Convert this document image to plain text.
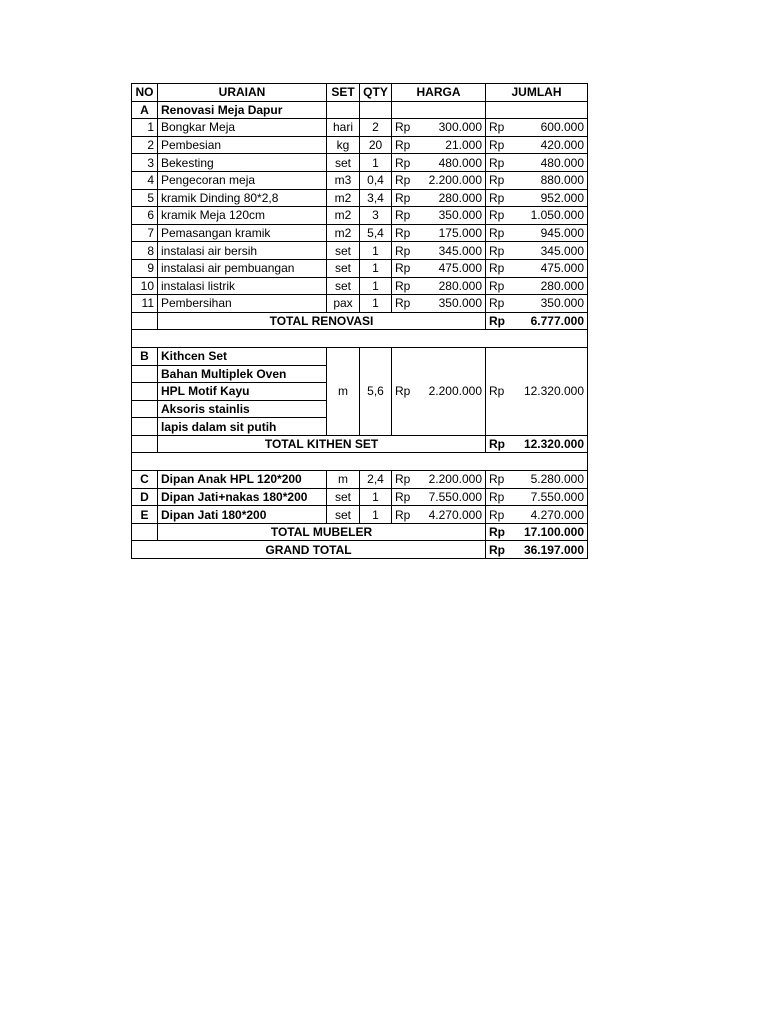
NO	URAIAN	SET	QTY	HARGA	JUMLAH
A	Renovasi Meja Dapur				
1	Bongkar Meja	hari	2	Rp 300.000	Rp 600.000

2	Pembesian	kg	20	Rp 21.000	Rp 420.000

3	Bekesting	set	1	Rp 480.000	Rp 480.000

4	Pengecoran meja	m3	0,4	Rp 2.200.000	Rp 880.000

5	kramik Dinding 80*2,8	m2	3,4	Rp 280.000	Rp 952.000

6	kramik Meja 120cm	m2	3	Rp 350.000	Rp 1.050.000

7	Pemasangan kramik	m2	5,4	Rp 175.000	Rp 945.000

8	instalasi air bersih	set	1	Rp 345.000	Rp 345.000

9	instalasi air pembuangan	set	1	Rp 475.000	Rp 475.000

10	instalasi listrik	set	1	Rp 280.000	Rp 280.000

11	Pembersihan	pax	1	Rp 350.000	Rp 350.000

	TOTAL RENOVASI				Rp 6.777.000

B	Kithcen Set	m	5,6	Rp 2.200.000	Rp 12.320.000

	Bahan Multiplek Oven				
	HPL Motif Kayu				
	Aksoris stainlis				
	lapis dalam sit putih				
	TOTAL KITHEN SET				Rp 12.320.000

C	Dipan Anak HPL 120*200	m	2,4	Rp 2.200.000	Rp 5.280.000

D	Dipan Jati+nakas 180*200	set	1	Rp 7.550.000	Rp 7.550.000

E	Dipan Jati 180*200	set	1	Rp 4.270.000	Rp 4.270.000

	TOTAL MUBELER				Rp 17.100.000

GRAND TOTAL					Rp 36.197.000
